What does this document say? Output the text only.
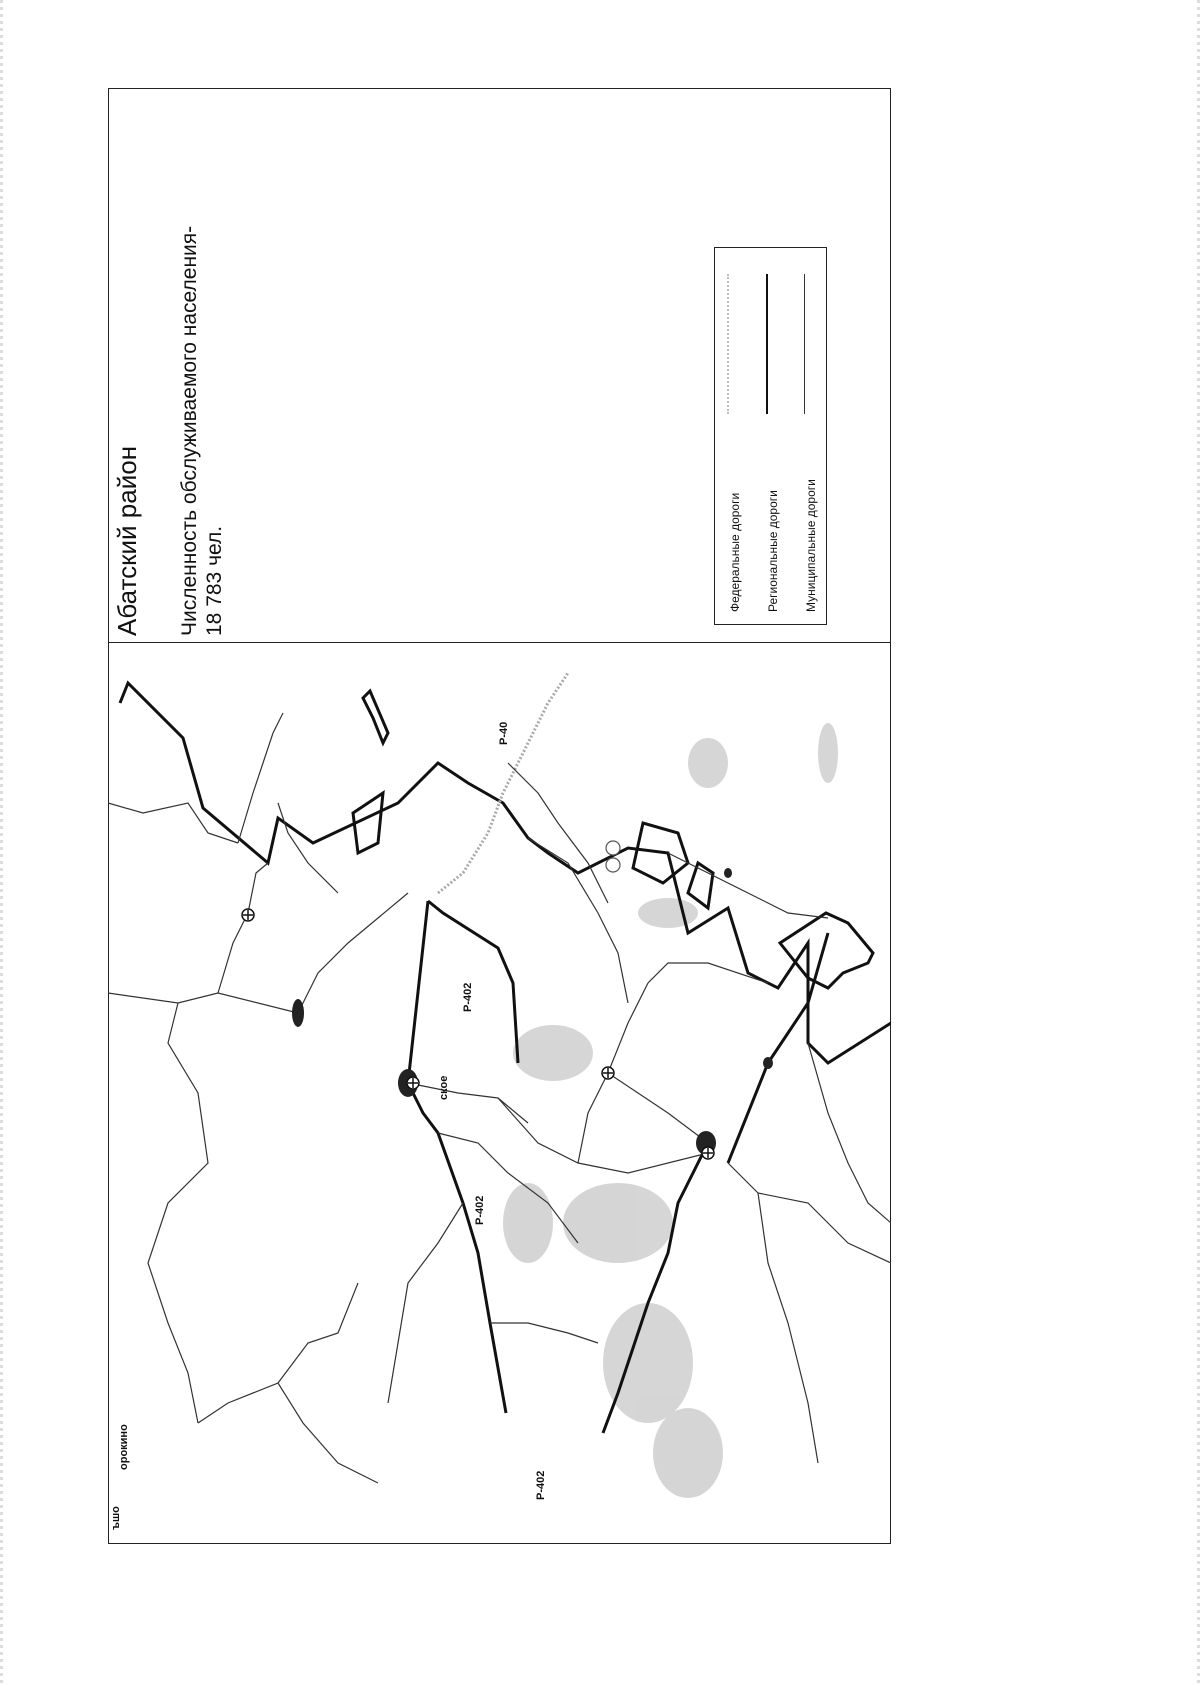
Абатский район Численность обслуживаемого населения- 18 783 чел.	Федеральные дороги Региональные дороги Муниципальные дороги
Р-402
Р-402
Р-402
Р-40
ское
орокино
ъшо
